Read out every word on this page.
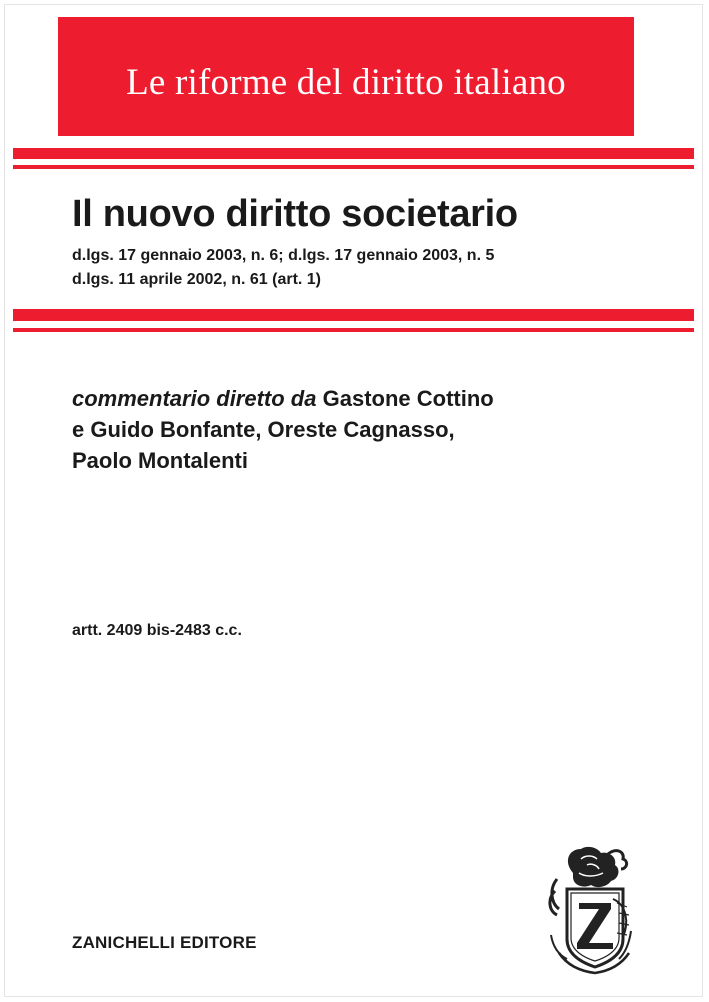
Le riforme del diritto italiano
Il nuovo diritto societario
d.lgs. 17 gennaio 2003, n. 6; d.lgs. 17 gennaio 2003, n. 5
d.lgs. 11 aprile 2002, n. 61 (art. 1)
commentario diretto da Gastone Cottino
e Guido Bonfante, Oreste Cagnasso,
Paolo Montalenti
artt. 2409 bis-2483 c.c.
ZANICHELLI EDITORE
